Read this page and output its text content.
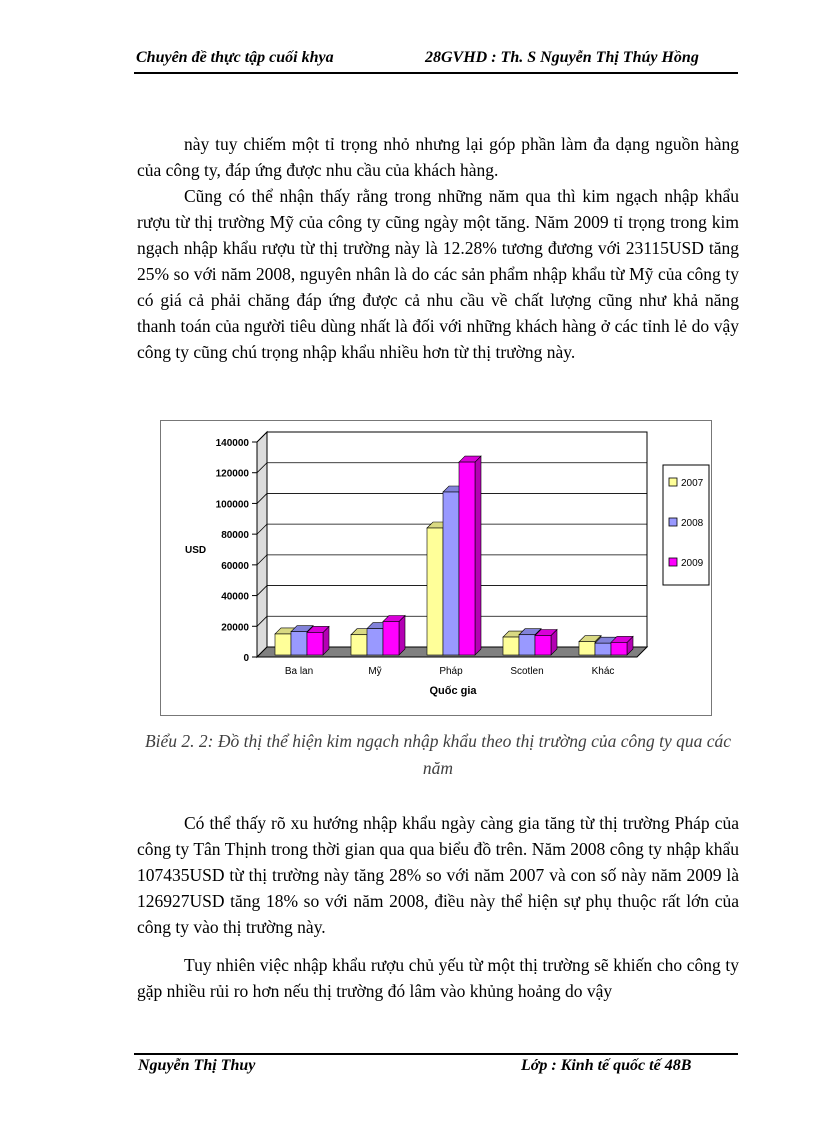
Chuyên đề thực tập cuối khya	28GVHD : Th. S Nguyễn Thị Thúy Hồng

này tuy chiếm một tỉ trọng nhỏ nhưng lại góp phần làm đa dạng nguồn hàng của công ty, đáp ứng được nhu cầu của khách hàng.

Cũng có thể nhận thấy rằng trong những năm qua thì kim ngạch nhập khẩu rượu từ thị trường Mỹ của công ty cũng ngày một tăng. Năm 2009 tỉ trọng trong kim ngạch nhập khẩu rượu từ thị trường này là 12.28% tương đương với 23115USD tăng 25% so với năm 2008, nguyên nhân là do các sản phẩm nhập khẩu từ Mỹ của công ty có giá cả phải chăng đáp ứng được cả nhu cầu về chất lượng cũng như khả năng thanh toán của người tiêu dùng nhất là đối với những khách hàng ở các tỉnh lẻ do vậy công ty cũng chú trọng nhập khẩu nhiều hơn từ thị trường này.

0
20000
40000
60000
80000
100000
120000
140000
Ba lan	Mỹ	Pháp	Scotlen	Khác
USD
Quốc gia
2007
2008
2009

Biểu 2. 2: Đồ thị thể hiện kim ngạch nhập khẩu theo thị trường của công ty qua các năm

Có thể thấy rõ xu hướng nhập khẩu ngày càng gia tăng từ thị trường Pháp của công ty Tân Thịnh trong thời gian qua qua biểu đồ trên. Năm 2008 công ty nhập khẩu 107435USD từ thị trường này tăng 28% so với năm 2007 và con số này năm 2009 là 126927USD tăng 18% so với năm 2008, điều này thể hiện sự phụ thuộc rất lớn của công ty vào thị trường này.

Tuy nhiên việc nhập khẩu rượu chủ yếu từ một thị trường sẽ khiến cho công ty gặp nhiều rủi ro hơn nếu thị trường đó lâm vào khủng hoảng do vậy

Nguyễn Thị Thuy	Lớp : Kinh tế quốc tế 48B
